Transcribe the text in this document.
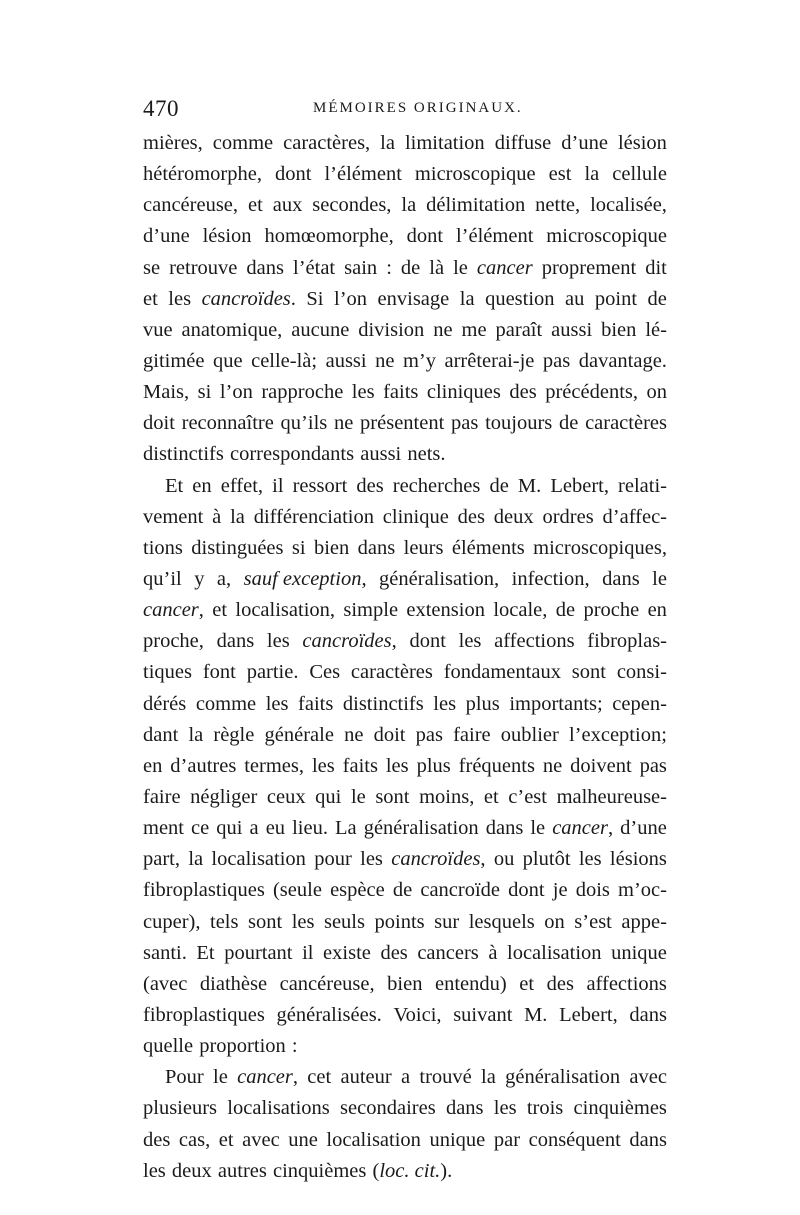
470	MÉMOIRES ORIGINAUX.
mières, comme caractères, la limitation diffuse d’une lésion
hétéromorphe, dont l’élément microscopique est la cellule
cancéreuse, et aux secondes, la délimitation nette, localisée,
d’une lésion homœomorphe, dont l’élément microscopique
se retrouve dans l’état sain : de là le cancer proprement dit
et les cancroïdes. Si l’on envisage la question au point de
vue anatomique, aucune division ne me paraît aussi bien lé-
gitimée que celle-là; aussi ne m’y arrêterai-je pas davantage.
Mais, si l’on rapproche les faits cliniques des précédents, on
doit reconnaître qu’ils ne présentent pas toujours de caractères
distinctifs correspondants aussi nets.
Et en effet, il ressort des recherches de M. Lebert, relati-
vement à la différenciation clinique des deux ordres d’affec-
tions distinguées si bien dans leurs éléments microscopiques,
qu’il y a, sauf exception, généralisation, infection, dans le
cancer, et localisation, simple extension locale, de proche en
proche, dans les cancroïdes, dont les affections fibroplas-
tiques font partie. Ces caractères fondamentaux sont consi-
dérés comme les faits distinctifs les plus importants; cepen-
dant la règle générale ne doit pas faire oublier l’exception;
en d’autres termes, les faits les plus fréquents ne doivent pas
faire négliger ceux qui le sont moins, et c’est malheureuse-
ment ce qui a eu lieu. La généralisation dans le cancer, d’une
part, la localisation pour les cancroïdes, ou plutôt les lésions
fibroplastiques (seule espèce de cancroïde dont je dois m’oc-
cuper), tels sont les seuls points sur lesquels on s’est appe-
santi. Et pourtant il existe des cancers à localisation unique
(avec diathèse cancéreuse, bien entendu) et des affections
fibroplastiques généralisées. Voici, suivant M. Lebert, dans
quelle proportion :
Pour le cancer, cet auteur a trouvé la généralisation avec
plusieurs localisations secondaires dans les trois cinquièmes
des cas, et avec une localisation unique par conséquent dans
les deux autres cinquièmes (loc. cit.).
